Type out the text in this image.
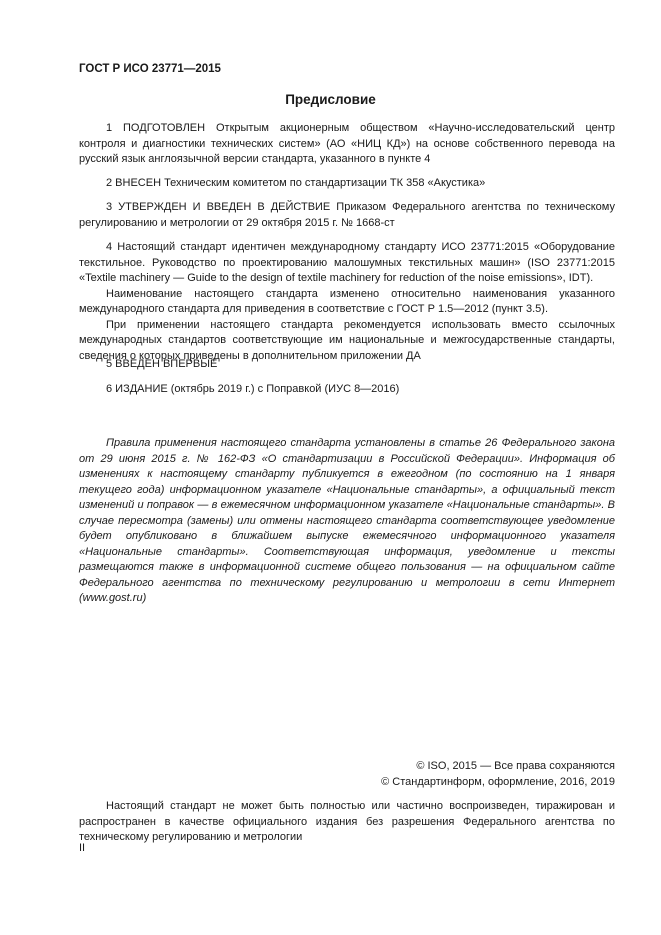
ГОСТ Р ИСО 23771—2015
Предисловие

1 ПОДГОТОВЛЕН Открытым акционерным обществом «Научно-исследовательский центр контроля и диагностики технических систем» (АО «НИЦ КД») на основе собственного перевода на русский язык англоязычной версии стандарта, указанного в пункте 4

2 ВНЕСЕН Техническим комитетом по стандартизации ТК 358 «Акустика»

3 УТВЕРЖДЕН И ВВЕДЕН В ДЕЙСТВИЕ Приказом Федерального агентства по техническому регулированию и метрологии от 29 октября 2015 г. № 1668-ст

4 Настоящий стандарт идентичен международному стандарту ИСО 23771:2015 «Оборудование текстильное. Руководство по проектированию малошумных текстильных машин» (ISO 23771:2015 «Textile machinery — Guide to the design of textile machinery for reduction of the noise emissions», IDT).

Наименование настоящего стандарта изменено относительно наименования указанного международного стандарта для приведения в соответствие с ГОСТ Р 1.5—2012 (пункт 3.5).

При применении настоящего стандарта рекомендуется использовать вместо ссылочных международных стандартов соответствующие им национальные и межгосударственные стандарты, сведения о которых приведены в дополнительном приложении ДА

5 ВВЕДЕН ВПЕРВЫЕ

6 ИЗДАНИЕ (октябрь 2019 г.) с Поправкой (ИУС 8—2016)

Правила применения настоящего стандарта установлены в статье 26 Федерального закона от 29 июня 2015 г. № 162-ФЗ «О стандартизации в Российской Федерации». Информация об изменениях к настоящему стандарту публикуется в ежегодном (по состоянию на 1 января текущего года) информационном указателе «Национальные стандарты», а официальный текст изменений и поправок — в ежемесячном информационном указателе «Национальные стандарты». В случае пересмотра (замены) или отмены настоящего стандарта соответствующее уведомление будет опубликовано в ближайшем выпуске ежемесячного информационного указателя «Национальные стандарты». Соответствующая информация, уведомление и тексты размещаются также в информационной системе общего пользования — на официальном сайте Федерального агентства по техническому регулированию и метрологии в сети Интернет (www.gost.ru)

© ISO, 2015 — Все права сохраняются
© Стандартинформ, оформление, 2016, 2019

Настоящий стандарт не может быть полностью или частично воспроизведен, тиражирован и распространен в качестве официального издания без разрешения Федерального агентства по техническому регулированию и метрологии

II
